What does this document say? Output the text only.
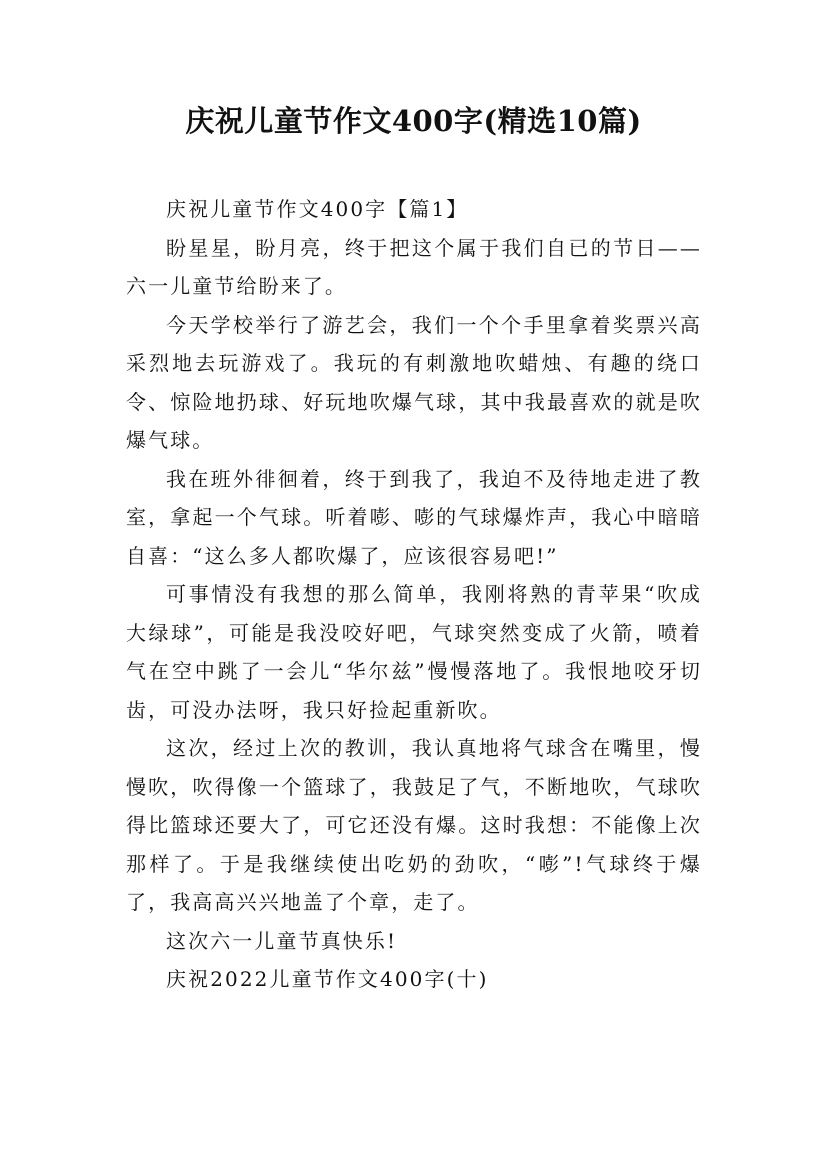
庆祝儿童节作文400字(精选10篇)

庆祝儿童节作文400字【篇1】

盼星星，盼月亮，终于把这个属于我们自已的节日——六一儿童节给盼来了。

今天学校举行了游艺会，我们一个个手里拿着奖票兴高采烈地去玩游戏了。我玩的有刺激地吹蜡烛、有趣的绕口令、惊险地扔球、好玩地吹爆气球，其中我最喜欢的就是吹爆气球。

我在班外徘徊着，终于到我了，我迫不及待地走进了教室，拿起一个气球。听着嘭、嘭的气球爆炸声，我心中暗暗自喜：“这么多人都吹爆了，应该很容易吧!”

可事情没有我想的那么简单，我刚将熟的青苹果“吹成大绿球”，可能是我没咬好吧，气球突然变成了火箭，喷着气在空中跳了一会儿“华尔兹”慢慢落地了。我恨地咬牙切齿，可没办法呀，我只好捡起重新吹。

这次，经过上次的教训，我认真地将气球含在嘴里，慢慢吹，吹得像一个篮球了，我鼓足了气，不断地吹，气球吹得比篮球还要大了，可它还没有爆。这时我想：不能像上次那样了。于是我继续使出吃奶的劲吹，“嘭”!气球终于爆了，我高高兴兴地盖了个章，走了。

这次六一儿童节真快乐!

庆祝2022儿童节作文400字(十)
